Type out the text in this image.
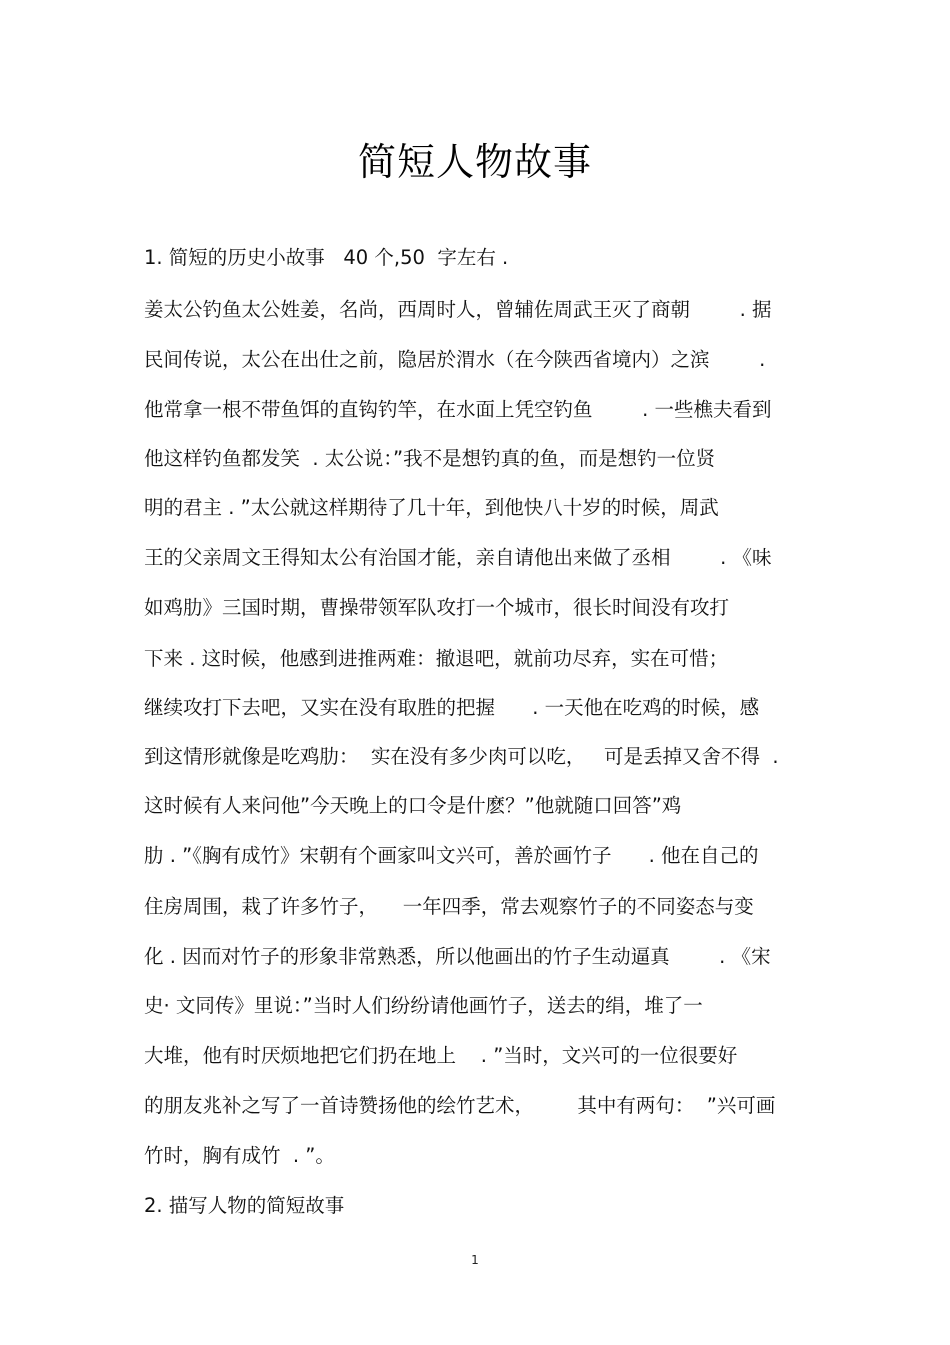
简短人物故事
1. 简短的历史小故事   40 个,50  字左右 .
姜太公钓鱼太公姓姜，名尚，西周时人，曾辅佐周武王灭了商朝        . 据
民间传说，太公在出仕之前，隐居於渭水（在今陕西省境内）之滨        .
他常拿一根不带鱼饵的直钩钓竿，在水面上凭空钓鱼        . 一些樵夫看到
他这样钓鱼都发笑  . 太公说：”我不是想钓真的鱼，而是想钓一位贤
明的君主 . ”太公就这样期待了几十年，到他快八十岁的时候，周武
王的父亲周文王得知太公有治国才能，亲自请他出来做了丞相        . 《味
如鸡肋》三国时期，曹操带领军队攻打一个城市，很长时间没有攻打
下来 . 这时候，他感到进推两难：撤退吧，就前功尽弃，实在可惜；
继续攻打下去吧，又实在没有取胜的把握      . 一天他在吃鸡的时候，感
到这情形就像是吃鸡肋：  实在没有多少肉可以吃，   可是丢掉又舍不得  .
这时候有人来问他”今天晚上的口令是什麽？”他就随口回答”鸡
肋 . ”《胸有成竹》宋朝有个画家叫文兴可，善於画竹子      . 他在自己的
住房周围，栽了许多竹子，    一年四季，常去观察竹子的不同姿态与变
化 . 因而对竹子的形象非常熟悉，所以他画出的竹子生动逼真        . 《宋
史· 文同传》里说：”当时人们纷纷请他画竹子，送去的绢，堆了一
大堆，他有时厌烦地把它们扔在地上    . ”当时，文兴可的一位很要好
的朋友兆补之写了一首诗赞扬他的绘竹艺术，       其中有两句：  ”兴可画
竹时，胸有成竹  . ”。
2. 描写人物的简短故事
1
